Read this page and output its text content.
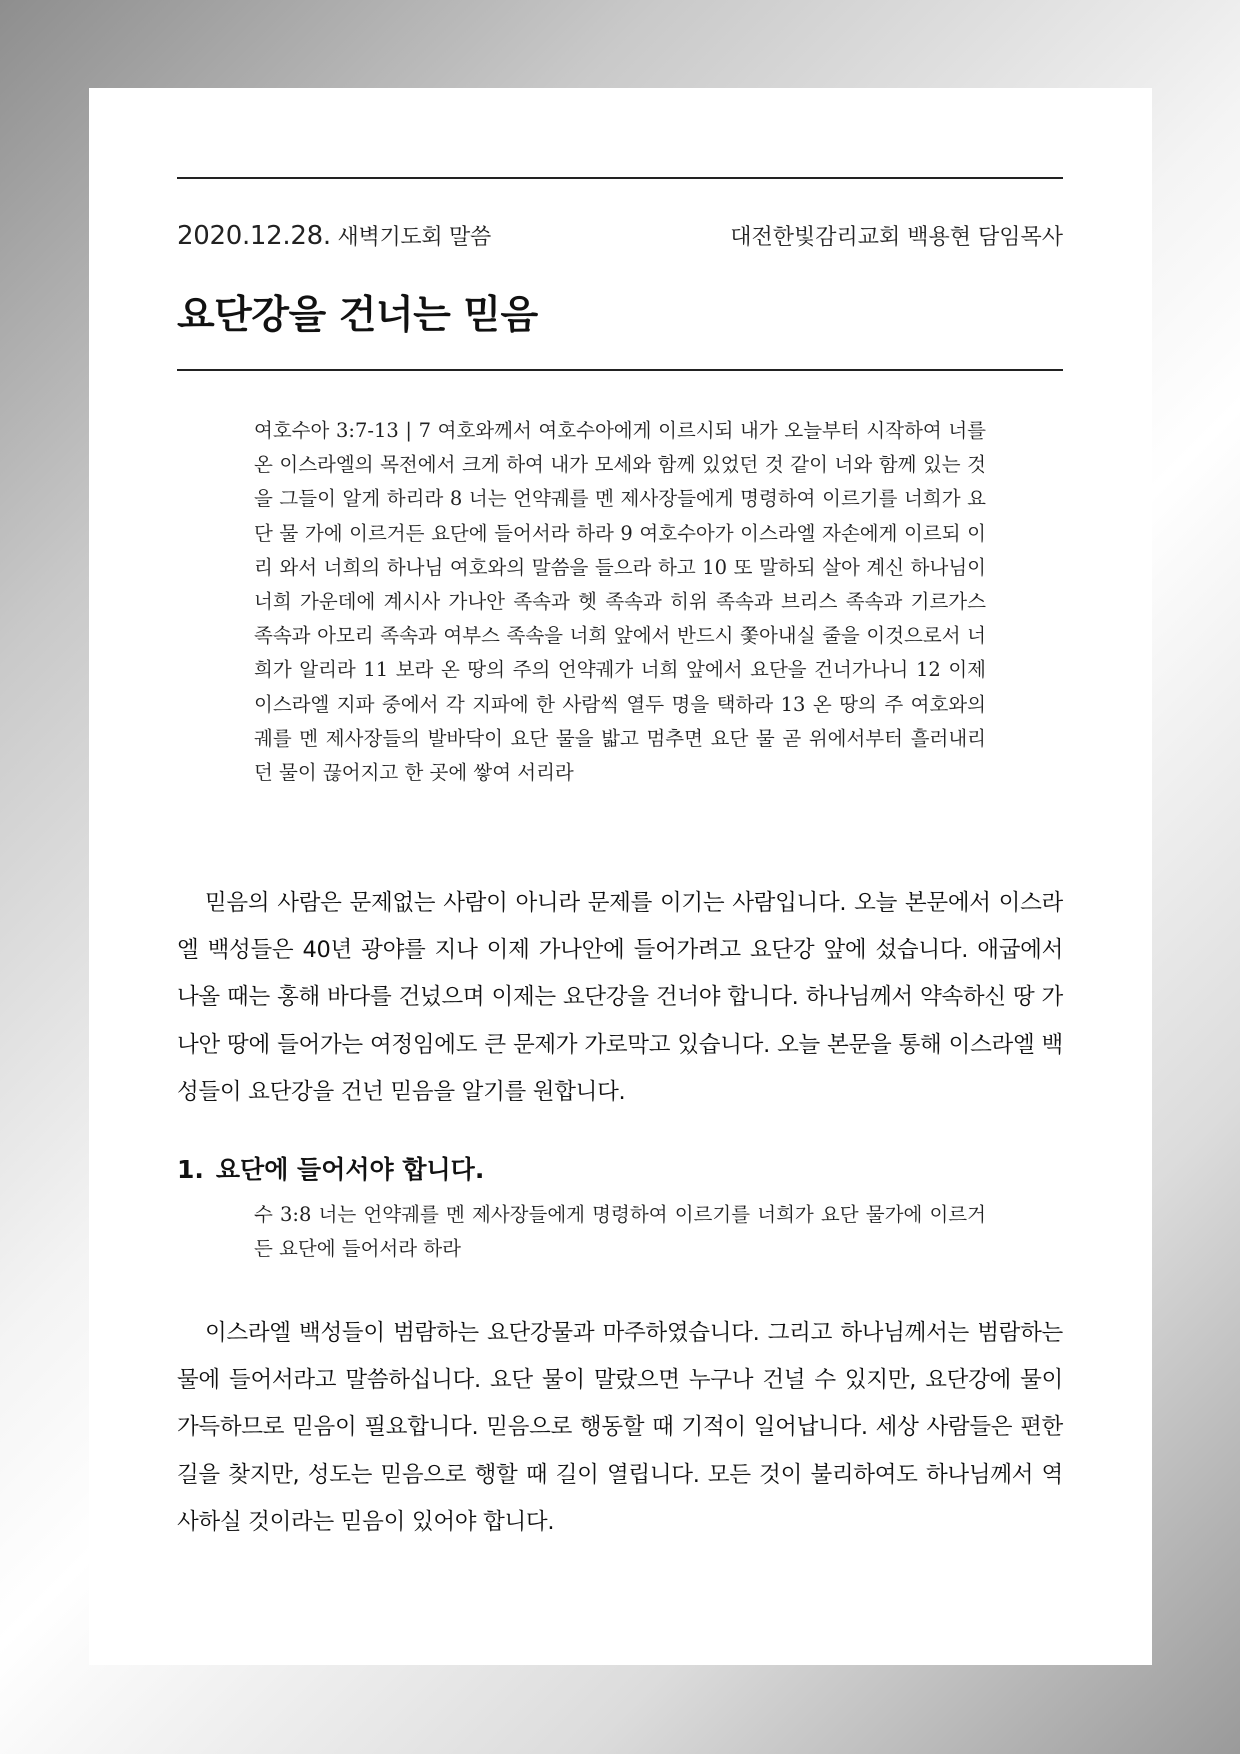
2020.12.28. 새벽기도회 말씀	대전한빛감리교회 백용현 담임목사
요단강을 건너는 믿음

여호수아 3:7-13 | 7 여호와께서 여호수아에게 이르시되 내가 오늘부터 시작하여 너를 온 이스라엘의 목전에서 크게 하여 내가 모세와 함께 있었던 것 같이 너와 함께 있는 것을 그들이 알게 하리라 8 너는 언약궤를 멘 제사장들에게 명령하여 이르기를 너희가 요단 물 가에 이르거든 요단에 들어서라 하라 9 여호수아가 이스라엘 자손에게 이르되 이리 와서 너희의 하나님 여호와의 말씀을 들으라 하고 10 또 말하되 살아 계신 하나님이 너희 가운데에 계시사 가나안 족속과 헷 족속과 히위 족속과 브리스 족속과 기르가스 족속과 아모리 족속과 여부스 족속을 너희 앞에서 반드시 쫓아내실 줄을 이것으로서 너희가 알리라 11 보라 온 땅의 주의 언약궤가 너희 앞에서 요단을 건너가나니 12 이제 이스라엘 지파 중에서 각 지파에 한 사람씩 열두 명을 택하라 13 온 땅의 주 여호와의 궤를 멘 제사장들의 발바닥이 요단 물을 밟고 멈추면 요단 물 곧 위에서부터 흘러내리던 물이 끊어지고 한 곳에 쌓여 서리라

믿음의 사람은 문제없는 사람이 아니라 문제를 이기는 사람입니다. 오늘 본문에서 이스라엘 백성들은 40년 광야를 지나 이제 가나안에 들어가려고 요단강 앞에 섰습니다. 애굽에서 나올 때는 홍해 바다를 건넜으며 이제는 요단강을 건너야 합니다. 하나님께서 약속하신 땅 가나안 땅에 들어가는 여정임에도 큰 문제가 가로막고 있습니다. 오늘 본문을 통해 이스라엘 백성들이 요단강을 건넌 믿음을 알기를 원합니다.

1. 요단에 들어서야 합니다.

수 3:8 너는 언약궤를 멘 제사장들에게 명령하여 이르기를 너희가 요단 물가에 이르거든 요단에 들어서라 하라

이스라엘 백성들이 범람하는 요단강물과 마주하였습니다. 그리고 하나님께서는 범람하는 물에 들어서라고 말씀하십니다. 요단 물이 말랐으면 누구나 건널 수 있지만, 요단강에 물이 가득하므로 믿음이 필요합니다. 믿음으로 행동할 때 기적이 일어납니다. 세상 사람들은 편한 길을 찾지만, 성도는 믿음으로 행할 때 길이 열립니다. 모든 것이 불리하여도 하나님께서 역사하실 것이라는 믿음이 있어야 합니다.
